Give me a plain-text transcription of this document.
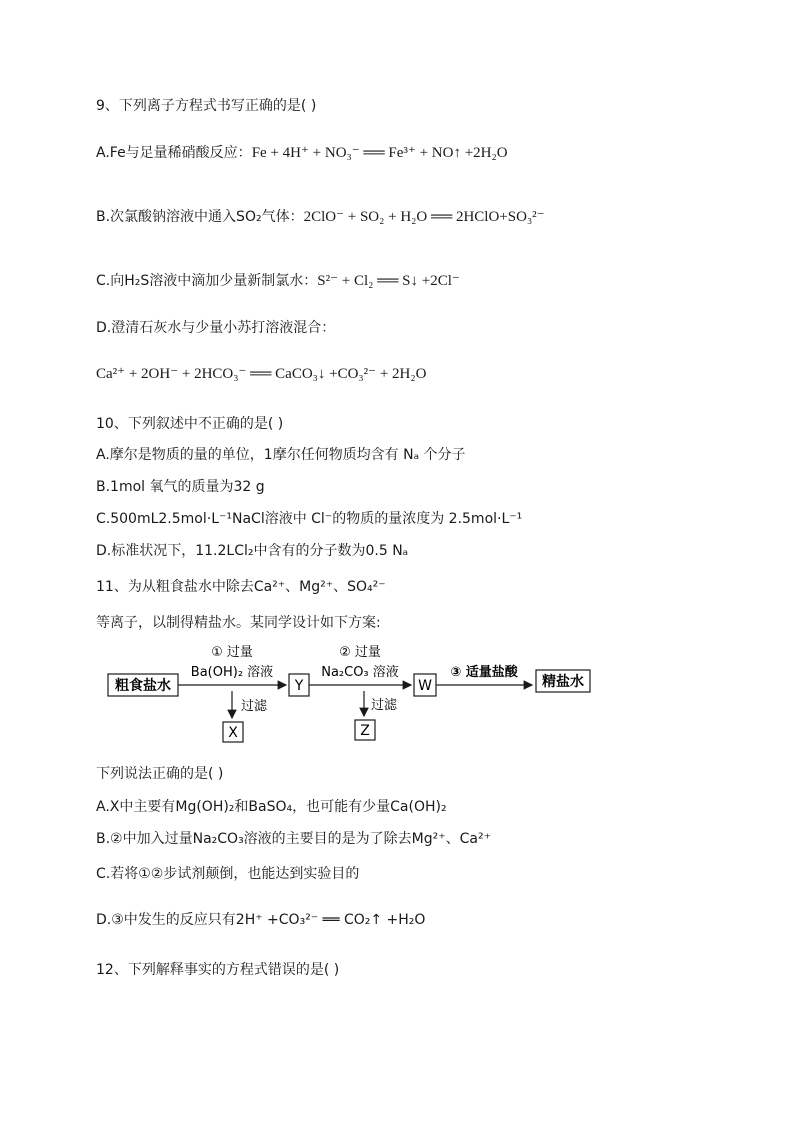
9、下列离子方程式书写正确的是( )
A.Fe与足量稀硝酸反应：Fe + 4H⁺ + NO₃⁻ ══ Fe³⁺ + NO↑ +2H₂O
B.次氯酸钠溶液中通入SO₂气体：2ClO⁻ + SO₂ + H₂O ══ 2HClO+SO₃²⁻
C.向H₂S溶液中滴加少量新制氯水：S²⁻ + Cl₂ ══ S↓ +2Cl⁻
D.澄清石灰水与少量小苏打溶液混合：
Ca²⁺ + 2OH⁻ + 2HCO₃⁻ ══ CaCO₃↓ +CO₃²⁻ + 2H₂O
10、下列叙述中不正确的是( )
A.摩尔是物质的量的单位，1摩尔任何物质均含有 Nₐ 个分子
B.1mol 氧气的质量为32 g
C.500mL2.5mol·L⁻¹NaCl溶液中 Cl⁻的物质的量浓度为 2.5mol·L⁻¹
D.标准状况下，11.2LCl₂中含有的分子数为0.5 Nₐ
11、为从粗食盐水中除去Ca²⁺、Mg²⁺、SO₄²⁻
等离子，以制得精盐水。某同学设计如下方案:
粗食盐水
① 过量
Ba(OH)₂ 溶液
Y
② 过量
Na₂CO₃ 溶液
W
③ 适量盐酸
精盐水
过滤
X
过滤
Z
下列说法正确的是( )
A.X中主要有Mg(OH)₂和BaSO₄，也可能有少量Ca(OH)₂
B.②中加入过量Na₂CO₃溶液的主要目的是为了除去Mg²⁺、Ca²⁺
C.若将①②步试剂颠倒，也能达到实验目的
D.③中发生的反应只有2H⁺ +CO₃²⁻ ══ CO₂↑ +H₂O
12、下列解释事实的方程式错误的是( )
